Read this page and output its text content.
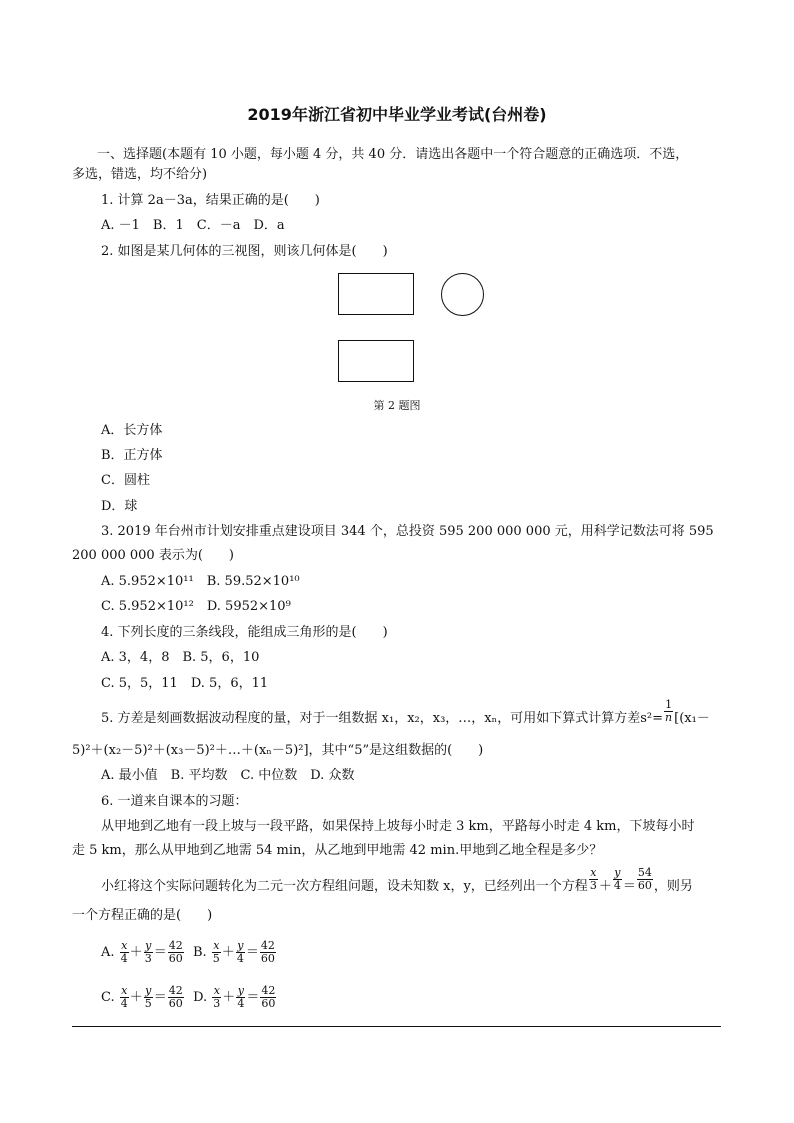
2019年浙江省初中毕业学业考试(台州卷)
一、选择题(本题有 10 小题，每小题 4 分，共 40 分．请选出各题中一个符合题意的正确选项．不选，
多选，错选，均不给分)
1. 计算 2a－3a，结果正确的是(　　)
A. －1　B．1　C．－a　D．a
2. 如图是某几何体的三视图，则该几何体是(　　)
第 2 题图
A．长方体
B．正方体
C．圆柱
D．球
3. 2019 年台州市计划安排重点建设项目 344 个，总投资 595 200 000 000 元，用科学记数法可将 595
200 000 000 表示为(　　)
A. 5.952×10¹¹　B. 59.52×10¹⁰
C. 5.952×10¹²　D. 5952×10⁹
4. 下列长度的三条线段，能组成三角形的是(　　)
A. 3，4，8　B. 5，6，10
C. 5，5，11　D. 5，6，11
5. 方差是刻画数据波动程度的量，对于一组数据 x₁，x₂，x₃，…，xₙ，可用如下算式计算方差$s^2= \frac{1}{n} [(x_1-$
5)²＋(x₂－5)²＋(x₃－5)²＋…＋(xₙ－5)²]，其中“5”是这组数据的(　　)
A. 最小值　B. 平均数　C. 中位数　D. 众数
6. 一道来自课本的习题：
从甲地到乙地有一段上坡与一段平路，如果保持上坡每小时走 3 km，平路每小时走 4 km，下坡每小时
走 5 km，那么从甲地到乙地需 54 min，从乙地到甲地需 42 min.甲地到乙地全程是多少？
小红将这个实际问题转化为二元一次方程组问题，设未知数 x，y，已经列出一个方程 $\frac{x}{3} + \frac{y}{4} = \frac{54}{60}$ ，则另
一个方程正确的是(　　)
A. $\frac{x}{4} + \frac{y}{3} = \frac{42}{60} B$. $\frac{x}{5} + \frac{y}{4} = \frac{42}{60}$
C. $\frac{x}{4} + \frac{y}{5} = \frac{42}{60} D$. $\frac{x}{3} + \frac{y}{4} = \frac{42}{60}$
